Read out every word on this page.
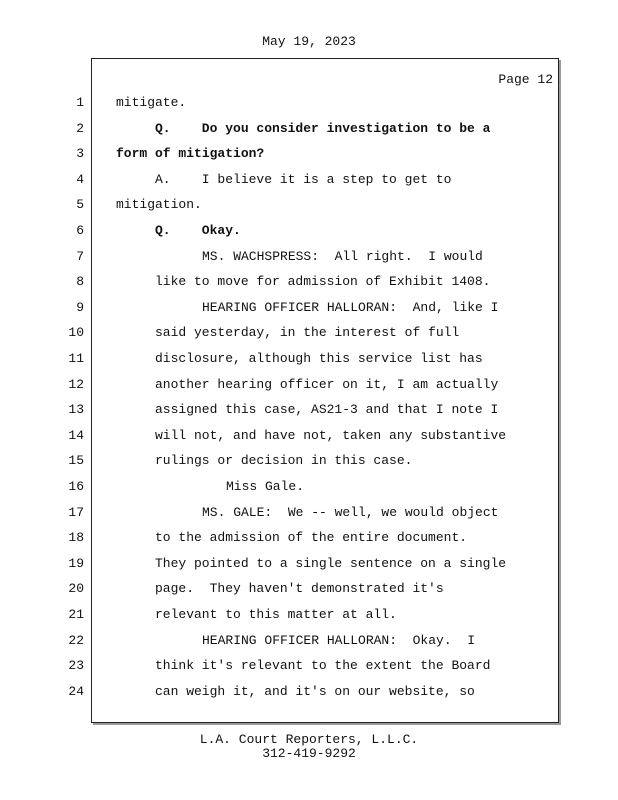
May 19, 2023
Page 12
1
2
3
4
5
6
7
8
9
10
11
12
13
14
15
16
17
18
19
20
21
22
23
24
mitigate.
Q.    Do you consider investigation to be a
form of mitigation?
A.    I believe it is a step to get to
mitigation.
Q.    Okay.
MS. WACHSPRESS:  All right.  I would
like to move for admission of Exhibit 1408.
HEARING OFFICER HALLORAN:  And, like I
said yesterday, in the interest of full
disclosure, although this service list has
another hearing officer on it, I am actually
assigned this case, AS21-3 and that I note I
will not, and have not, taken any substantive
rulings or decision in this case.
Miss Gale.
MS. GALE:  We -- well, we would object
to the admission of the entire document.
They pointed to a single sentence on a single
page.  They haven't demonstrated it's
relevant to this matter at all.
HEARING OFFICER HALLORAN:  Okay.  I
think it's relevant to the extent the Board
can weigh it, and it's on our website, so
L.A. Court Reporters, L.L.C.
312-419-9292
